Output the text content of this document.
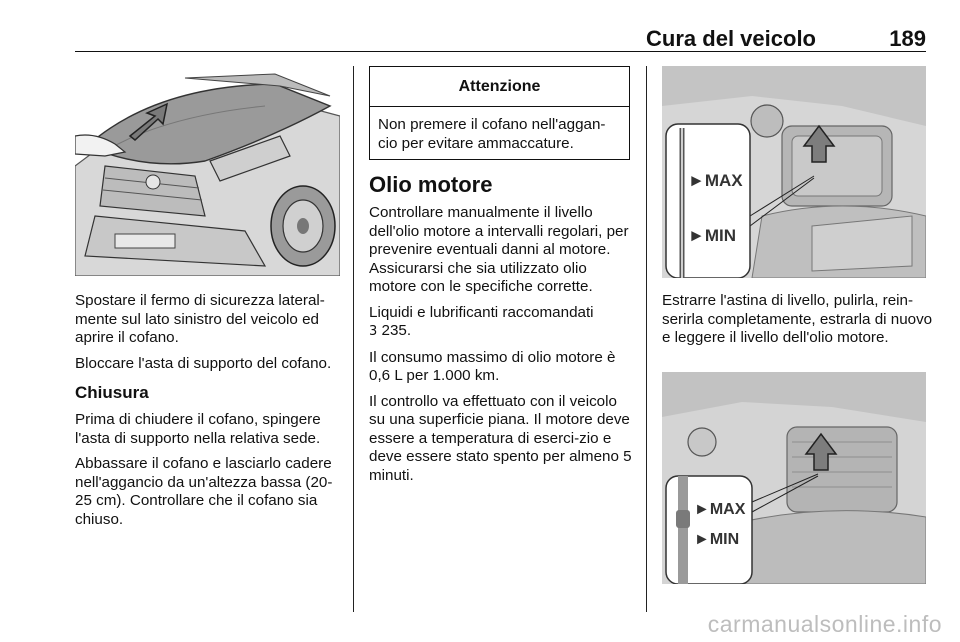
Cura del veicolo	189

Spostare il fermo di sicurezza lateral-mente sul lato sinistro del veicolo ed aprire il cofano.

Bloccare l'asta di supporto del cofano.

Chiusura

Prima di chiudere il cofano, spingere l'asta di supporto nella relativa sede.

Abbassare il cofano e lasciarlo cadere nell'aggancio da un'altezza bassa (20-25 cm). Controllare che il cofano sia chiuso.

Attenzione
Non premere il cofano nell'aggan-cio per evitare ammaccature.
Olio motore

Controllare manualmente il livello dell'olio motore a intervalli regolari, per prevenire eventuali danni al motore. Assicurarsi che sia utilizzato olio motore con le specifiche corrette.

Liquidi e lubrificanti raccomandati
3 235.

Il consumo massimo di olio motore è 0,6 L per 1.000 km.

Il controllo va effettuato con il veicolo su una superficie piana. Il motore deve essere a temperatura di eserci-zio e deve essere stato spento per almeno 5 minuti.

►MAX
►MIN

Estrarre l'astina di livello, pulirla, rein-serirla completamente, estrarla di nuovo e leggere il livello dell'olio motore.

►MAX
►MIN
carmanualsonline.info
